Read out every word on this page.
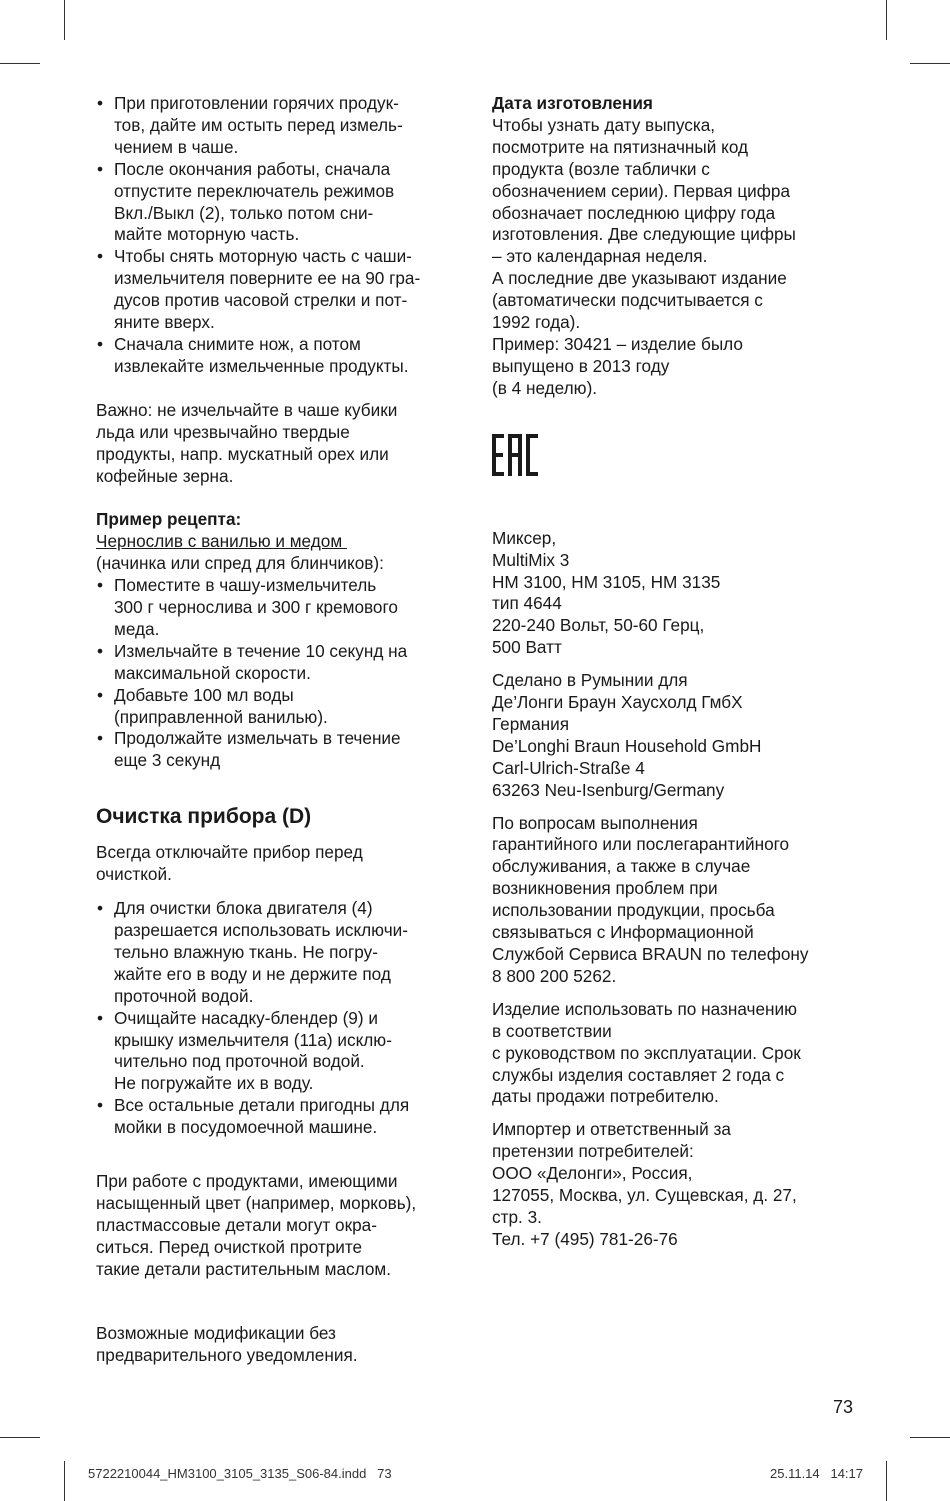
• При приготовлении горячих продук-
тов, дайте им остыть перед измель-
чением в чаше.
• После окончания работы, сначала
отпустите переключатель режимов
Вкл./Выкл (2), только потом сни-
майте моторную часть.
• Чтобы снять моторную часть с чаши-
измельчителя поверните ее на 90 гра-
дусов против часовой стрелки и пот-
яните вверх.
• Сначала снимите нож, а потом
извлекайте измельченные продукты.

Важно: не изчельчайте в чаше кубики
льда или чрезвычайно твердые
продукты, напр. мускатный орех или
кофейные зерна.

Пример рецепта:

Чернослив с ванилью и медом

(начинка или спред для блинчиков):

• Поместите в чашу-измельчитель
300 г чернослива и 300 г кремового
меда.
• Измельчайте в течение 10 секунд на
максимальной скорости.
• Добавьте 100 мл воды
(приправленной ванилью).
• Продолжайте измельчать в течение
еще 3 секунд
Очистка прибора (D)

Всегда отключайте прибор перед
очисткой.

• Для очистки блока двигателя (4)
разрешается использовать исключи-
тельно влажную ткань. Не погру-
жайте его в воду и не держите под
проточной водой.
• Очищайте насадку-блендер (9) и
крышку измельчителя (11a) исклю-
чительно под проточной водой.
Не погружайте их в воду.
• Все остальные детали пригодны для
мойки в посудомоечной машине.

При работе с продуктами, имеющими
насыщенный цвет (например, морковь),
пластмассовые детали могут окра-
ситься. Перед очисткой протрите
такие детали растительным маслом.

Возможные модификации без
предварительного уведомления.

Дата изготовления

Чтобы узнать дату выпуска,
посмотрите на пятизначный код
продукта (возле таблички с
обозначением серии). Первая цифра
обозначает последнюю цифру года
изготовления. Две следующие цифры
– это календарная неделя.
А последние две указывают издание
(автоматически подсчитывается с
1992 года).
Пример: 30421 – изделие было
выпущено в 2013 году
(в 4 неделю).

Миксер,
MultiMix 3
HM 3100, HM 3105, HM 3135
тип 4644
220-240 Вольт, 50-60 Герц,
500 Ватт

Сделано в Румынии для
Де’Лонги Браун Хаусхолд ГмбХ
Германия
De’Longhi Braun Household GmbH
Carl-Ulrich-Straße 4
63263 Neu-Isenburg/Germany

По вопросам выполнения
гарантийного или послегарантийного
обслуживания, а также в случае
возникновения проблем при
использовании продукции, просьба
связываться с Информационной
Службой Сервиса BRAUN по телефону
8 800 200 5262.

Изделие использовать по назначению
в соответствии
с руководством по эксплуатации. Срок
службы изделия составляет 2 года с
даты продажи потребителю.

Импортер и ответственный за
претензии потребителей:
ООО «Делонги», Россия,
127055, Москва, ул. Сущевская, д. 27,
стр. 3.
Тел. +7 (495) 781-26-76

73
5722210044_HM3100_3105_3135_S06-84.indd   73	25.11.14   14:17
